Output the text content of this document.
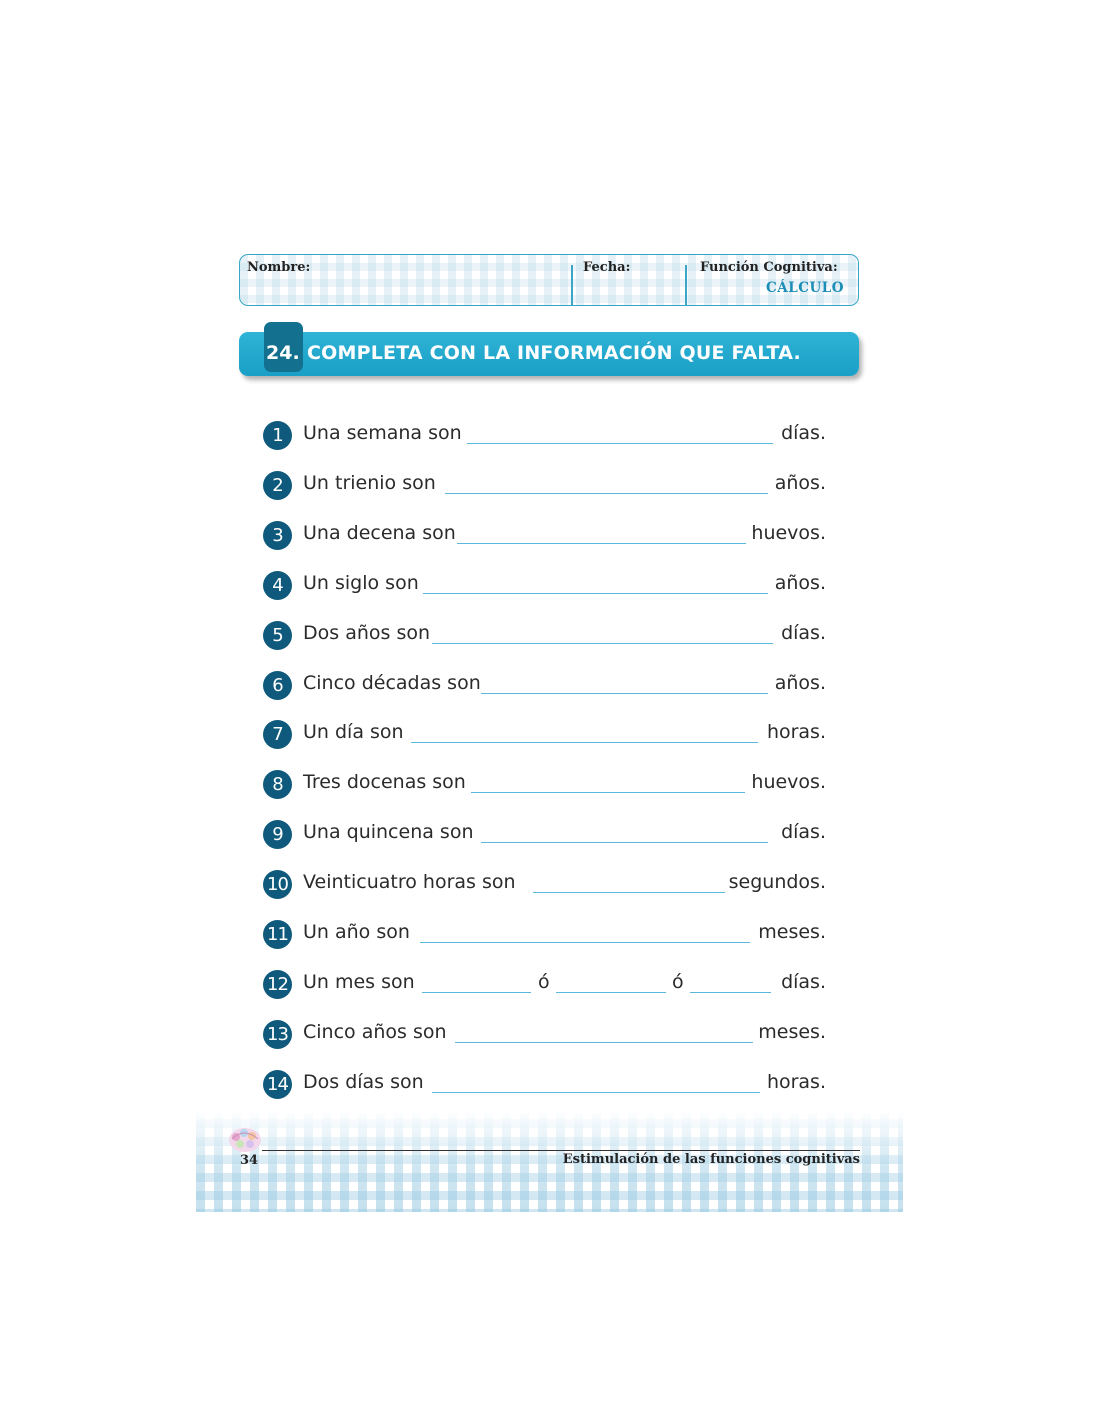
Nombre:	Fecha:	Función Cognitiva:
CÁLCULO
24. COMPLETA CON LA INFORMACIÓN QUE FALTA.
1	Una semana son	días.
2	Un trienio son	años.
3	Una decena son	huevos.
4	Un siglo son	años.
5	Dos años son	días.
6	Cinco décadas son	años.
7	Un día son	horas.
8	Tres docenas son	huevos.
9	Una quincena son	días.
10 Veinticuatro horas son	segundos.
11 Un año son	meses.
12 Un mes son	ó	ó	días.
13 Cinco años son	meses.
14 Dos días son	horas.
34	Estimulación de las funciones cognitivas
